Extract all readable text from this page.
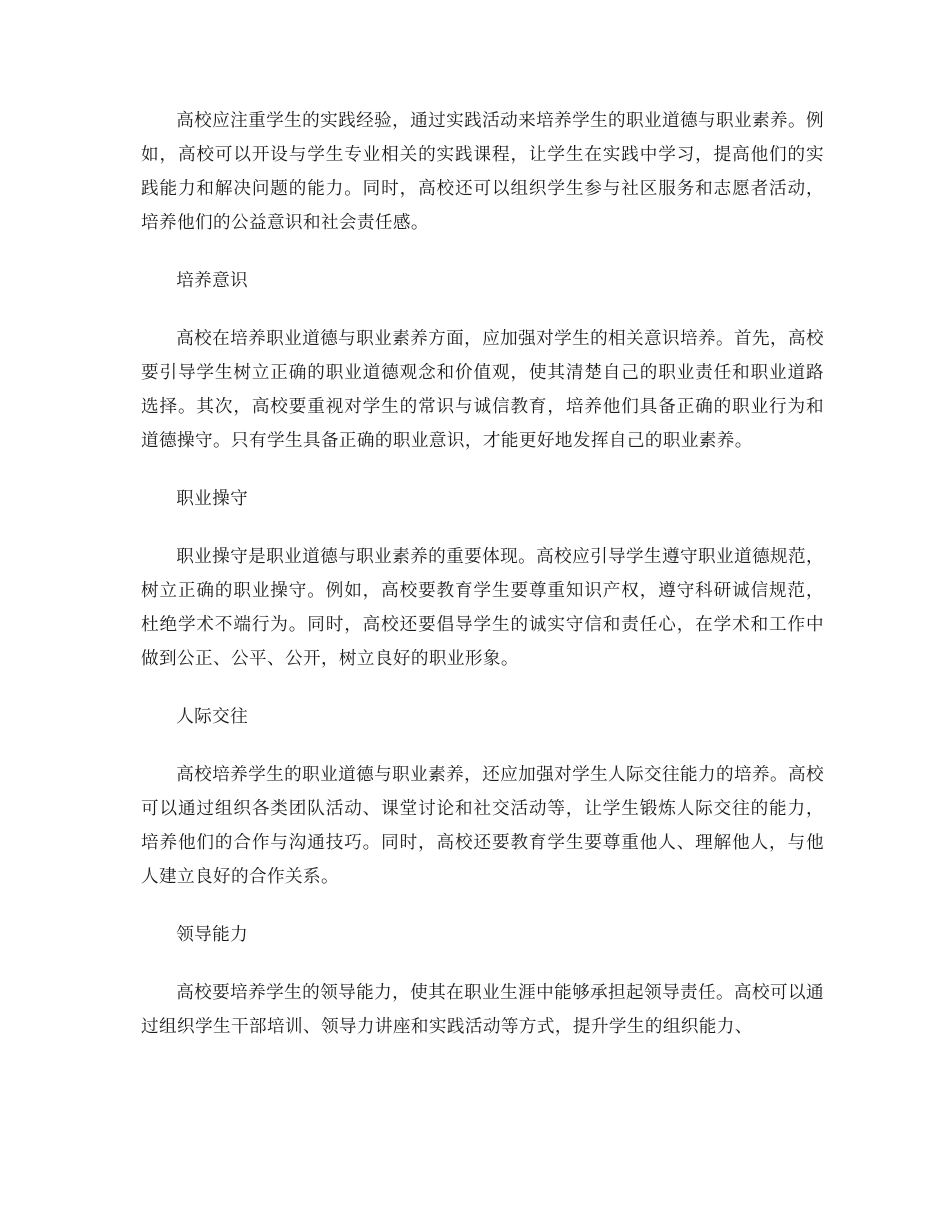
高校应注重学生的实践经验，通过实践活动来培养学生的职业道德与职业素养。例如，高校可以开设与学生专业相关的实践课程，让学生在实践中学习，提高他们的实践能力和解决问题的能力。同时，高校还可以组织学生参与社区服务和志愿者活动，培养他们的公益意识和社会责任感。

培养意识

高校在培养职业道德与职业素养方面，应加强对学生的相关意识培养。首先，高校要引导学生树立正确的职业道德观念和价值观，使其清楚自己的职业责任和职业道路选择。其次，高校要重视对学生的常识与诚信教育，培养他们具备正确的职业行为和道德操守。只有学生具备正确的职业意识，才能更好地发挥自己的职业素养。

职业操守

职业操守是职业道德与职业素养的重要体现。高校应引导学生遵守职业道德规范，树立正确的职业操守。例如，高校要教育学生要尊重知识产权，遵守科研诚信规范，杜绝学术不端行为。同时，高校还要倡导学生的诚实守信和责任心，在学术和工作中做到公正、公平、公开，树立良好的职业形象。

人际交往

高校培养学生的职业道德与职业素养，还应加强对学生人际交往能力的培养。高校可以通过组织各类团队活动、课堂讨论和社交活动等，让学生锻炼人际交往的能力，培养他们的合作与沟通技巧。同时，高校还要教育学生要尊重他人、理解他人，与他人建立良好的合作关系。

领导能力

高校要培养学生的领导能力，使其在职业生涯中能够承担起领导责任。高校可以通过组织学生干部培训、领导力讲座和实践活动等方式，提升学生的组织能力、
